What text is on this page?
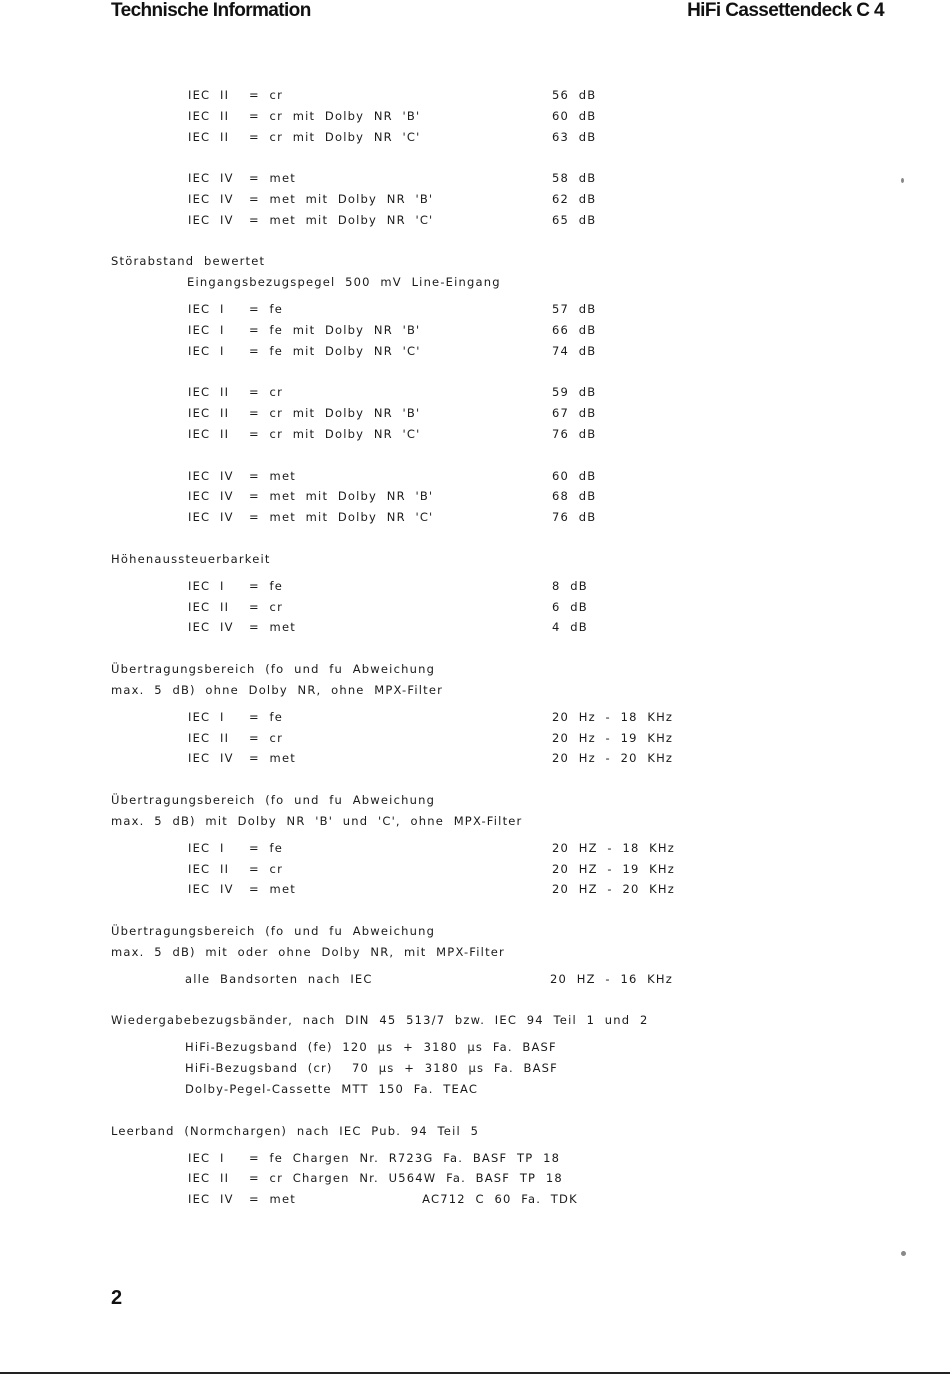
Technische Information	HiFi Cassettendeck C 4
IEC  II =  cr	56  dB
IEC  II =  cr  mit  Dolby  NR  'B'	60  dB
IEC  II =  cr  mit  Dolby  NR  'C'	63  dB
IEC  IV =  met	58  dB
IEC  IV =  met  mit  Dolby  NR  'B'	62  dB
IEC  IV =  met  mit  Dolby  NR  'C'	65  dB
Störabstand  bewertet
Eingangsbezugspegel  500  mV  Line-Eingang
IEC  I =  fe	57  dB
IEC  I =  fe  mit  Dolby  NR  'B'	66  dB
IEC  I =  fe  mit  Dolby  NR  'C'	74  dB
IEC  II =  cr	59  dB
IEC  II =  cr  mit  Dolby  NR  'B'	67  dB
IEC  II =  cr  mit  Dolby  NR  'C'	76  dB
IEC  IV =  met	60  dB
IEC  IV =  met  mit  Dolby  NR  'B'	68  dB
IEC  IV =  met  mit  Dolby  NR  'C'	76  dB
Höhenaussteuerbarkeit
IEC  I =  fe	8  dB
IEC  II =  cr	6  dB
IEC  IV =  met	4  dB
Übertragungsbereich  (fo  und  fu  Abweichung
max.  5  dB)  ohne  Dolby  NR,  ohne  MPX-Filter
IEC  I =  fe	20  Hz  -  18  KHz
IEC  II =  cr	20  Hz  -  19  KHz
IEC  IV =  met	20  Hz  -  20  KHz
Übertragungsbereich  (fo  und  fu  Abweichung
max.  5  dB)  mit  Dolby  NR  'B'  und  'C',  ohne  MPX-Filter
IEC  I =  fe	20  HZ  -  18  KHz
IEC  II =  cr	20  HZ  -  19  KHz
IEC  IV =  met	20  HZ  -  20  KHz
Übertragungsbereich  (fo  und  fu  Abweichung
max.  5  dB)  mit  oder  ohne  Dolby  NR,  mit  MPX-Filter
alle  Bandsorten  nach  IEC	20  HZ  -  16  KHz
Wiedergabebezugsbänder,  nach  DIN  45  513/7  bzw.  IEC  94  Teil  1  und  2
HiFi-Bezugsband  (fe)  120  µs  +  3180  µs  Fa.  BASF
HiFi-Bezugsband  (cr)    70  µs  +  3180  µs  Fa.  BASF
Dolby-Pegel-Cassette  MTT  150  Fa.  TEAC
Leerband  (Normchargen)  nach  IEC  Pub.  94  Teil  5
IEC  I =  fe  Chargen  Nr.  R723G  Fa.  BASF  TP  18
IEC  II =  cr  Chargen  Nr.  U564W  Fa.  BASF  TP  18
IEC  IV =  met                          AC712  C  60  Fa.  TDK
2
